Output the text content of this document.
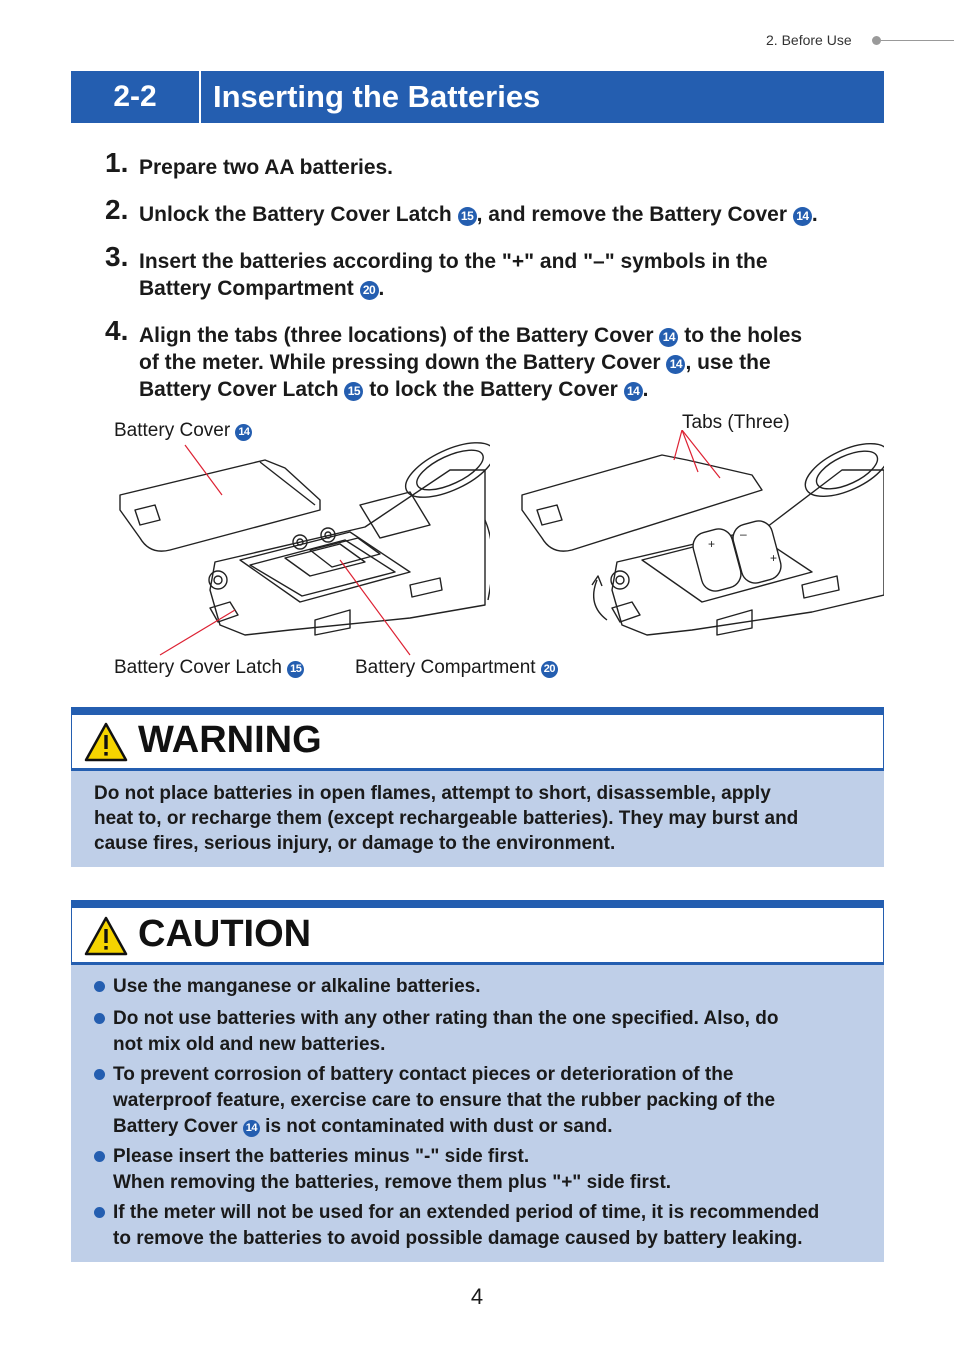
2. Before Use
2-2	Inserting the Batteries
1. Prepare two AA batteries.
2. Unlock the Battery Cover Latch 15 , and remove the Battery Cover 14 .
3. Insert the batteries according to the "+" and "–" symbols in the
Battery Compartment 20 .
4. Align the tabs (three locations) of the Battery Cover 14 to the holes
of the meter. While pressing down the Battery Cover 14 , use the
Battery Cover Latch 15 to lock the Battery Cover 14 .
Battery Cover 14	Tabs (Three)
Battery Cover Latch 15	Battery Compartment 20
+
–
+
WARNING
Do not place batteries in open flames, attempt to short, disassemble, apply
heat to, or recharge them (except rechargeable batteries). They may burst and
cause fires, serious injury, or damage to the environment.
CAUTION
Use the manganese or alkaline batteries.
Do not use batteries with any other rating than the one specified. Also, do
not mix old and new batteries.
To prevent corrosion of battery contact pieces or deterioration of the
waterproof feature, exercise care to ensure that the rubber packing of the
Battery Cover 14 is not contaminated with dust or sand.
Please insert the batteries minus "-" side first.
When removing the batteries, remove them plus "+" side first.
If the meter will not be used for an extended period of time, it is recommended
to remove the batteries to avoid possible damage caused by battery leaking.
4
